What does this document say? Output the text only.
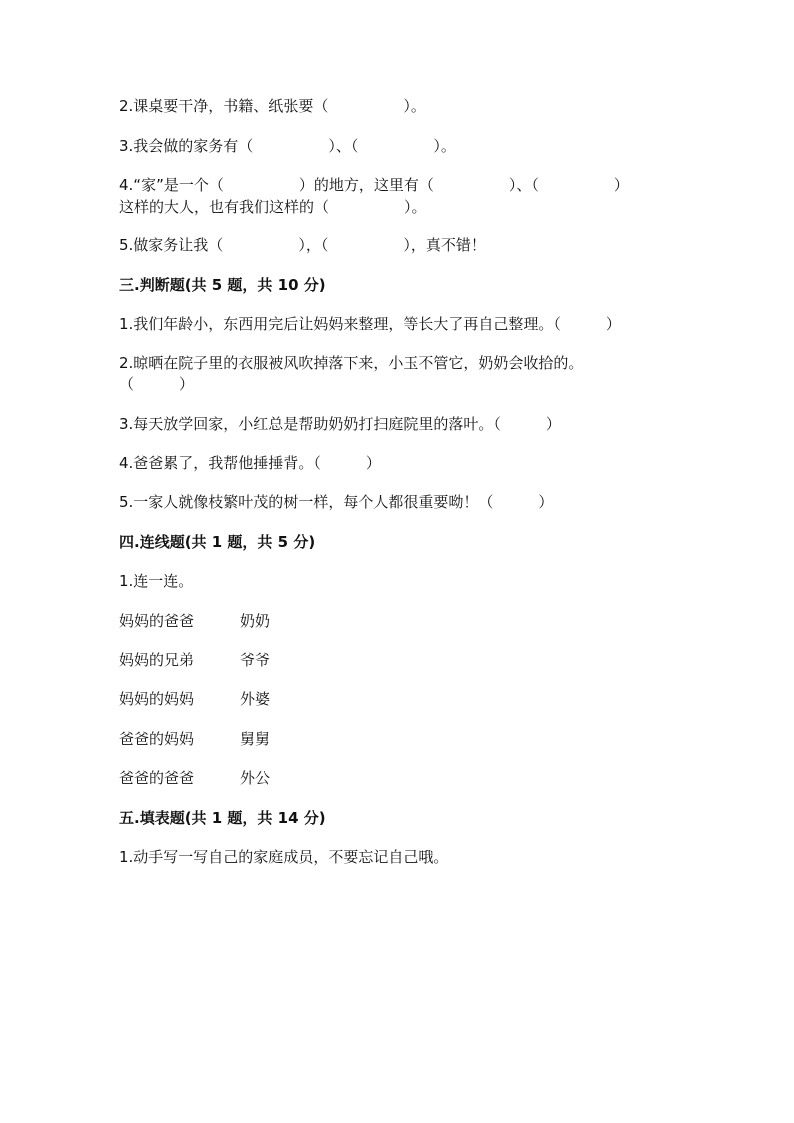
2.课桌要干净，书籍、纸张要（　　　　　）。
3.我会做的家务有（　　　　　）、（　　　　　）。
4.“家”是一个（　　　　　）的地方，这里有（　　　　　）、（　　　　　）
这样的大人，也有我们这样的（　　　　　）。
5.做家务让我（　　　　　），（　　　　　），真不错！
三.判断题(共 5 题，共 10 分)
1.我们年龄小，东西用完后让妈妈来整理，等长大了再自己整理。（　　　）
2.晾晒在院子里的衣服被风吹掉落下来，小玉不管它，奶奶会收拾的。
（　　　）
3.每天放学回家，小红总是帮助奶奶打扫庭院里的落叶。（　　　）
4.爸爸累了，我帮他捶捶背。（　　　）
5.一家人就像枝繁叶茂的树一样，每个人都很重要呦！（　　　）
四.连线题(共 1 题，共 5 分)
1.连一连。
妈妈的爸爸	奶奶
妈妈的兄弟	爷爷
妈妈的妈妈	外婆
爸爸的妈妈	舅舅
爸爸的爸爸	外公
五.填表题(共 1 题，共 14 分)
1.动手写一写自己的家庭成员，不要忘记自己哦。
